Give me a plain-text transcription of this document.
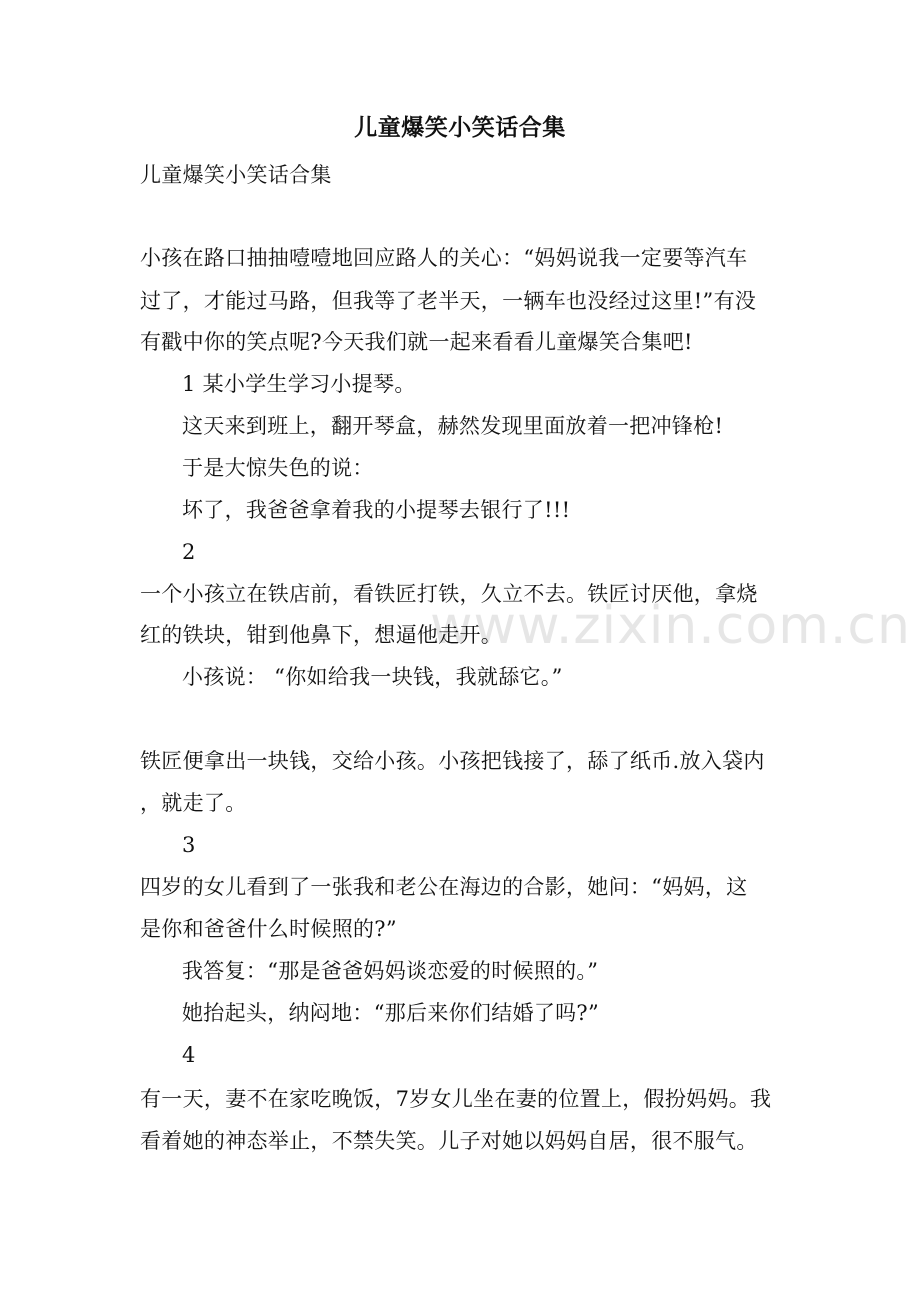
www.zixin.com.cn
儿童爆笑小笑话合集
儿童爆笑小笑话合集
小孩在路口抽抽噎噎地回应路人的关心：“妈妈说我一定要等汽车
过了，才能过马路，但我等了老半天，一辆车也没经过这里!”有没
有戳中你的笑点呢?今天我们就一起来看看儿童爆笑合集吧!
1 某小学生学习小提琴。
这天来到班上，翻开琴盒，赫然发现里面放着一把冲锋枪!
于是大惊失色的说：
坏了，我爸爸拿着我的小提琴去银行了!!!
2
一个小孩立在铁店前，看铁匠打铁，久立不去。铁匠讨厌他，拿烧
红的铁块，钳到他鼻下，想逼他走开。
小孩说： “你如给我一块钱，我就舔它。”
铁匠便拿出一块钱，交给小孩。小孩把钱接了，舔了纸币.放入袋内
，就走了。
3
四岁的女儿看到了一张我和老公在海边的合影，她问：“妈妈，这
是你和爸爸什么时候照的?”
我答复：“那是爸爸妈妈谈恋爱的时候照的。”
她抬起头，纳闷地：“那后来你们结婚了吗?”
4
有一天，妻不在家吃晚饭，7岁女儿坐在妻的位置上，假扮妈妈。我
看着她的神态举止，不禁失笑。儿子对她以妈妈自居，很不服气。
